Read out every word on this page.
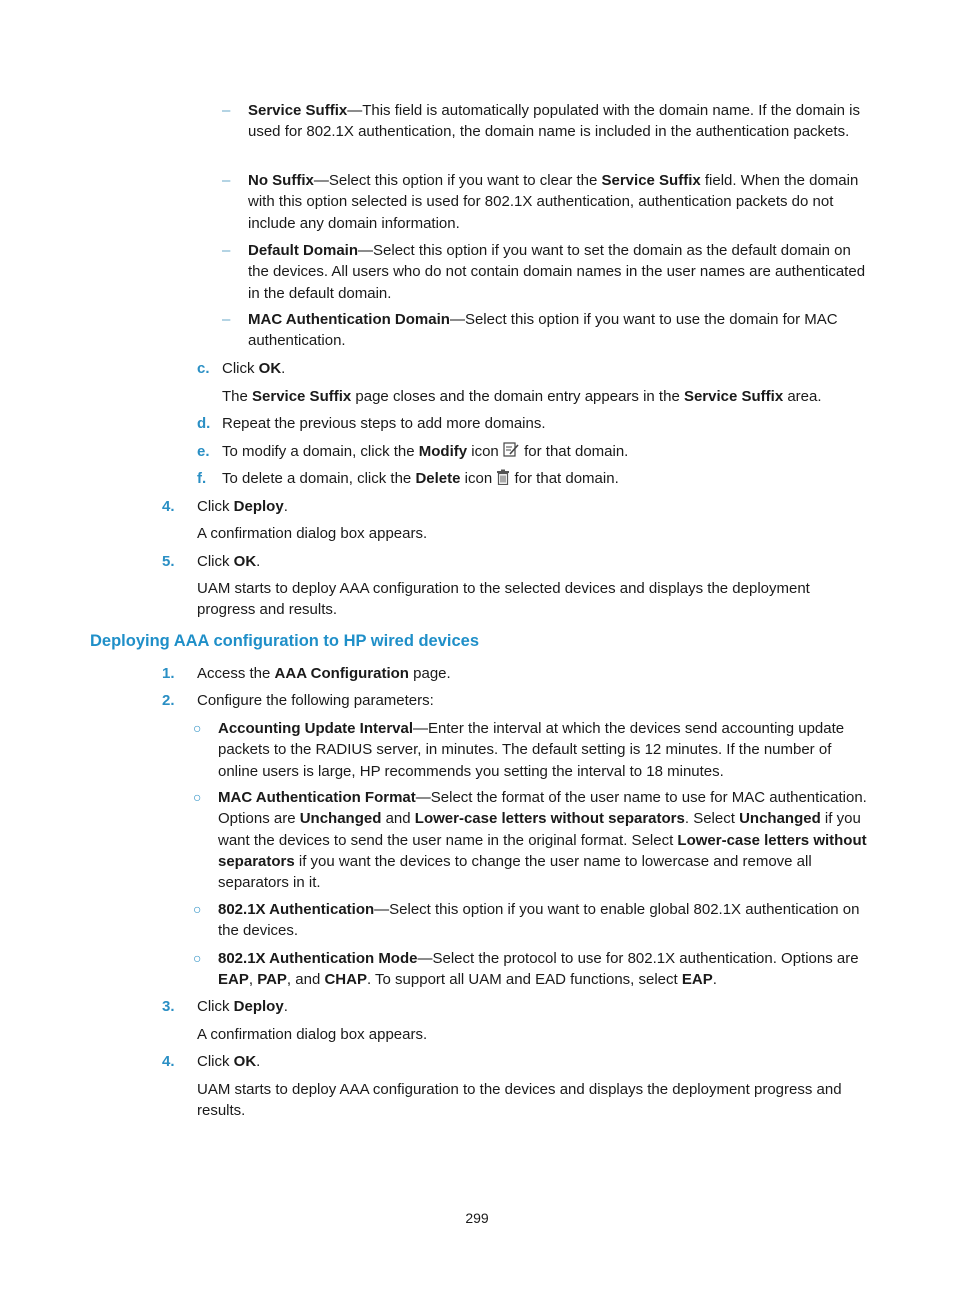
– Service Suffix—This field is automatically populated with the domain name. If the domain is used for 802.1X authentication, the domain name is included in the authentication packets.
– No Suffix—Select this option if you want to clear the Service Suffix field. When the domain with this option selected is used for 802.1X authentication, authentication packets do not include any domain information.
– Default Domain—Select this option if you want to set the domain as the default domain on the devices. All users who do not contain domain names in the user names are authenticated in the default domain.
– MAC Authentication Domain—Select this option if you want to use the domain for MAC authentication.
c. Click OK.
The Service Suffix page closes and the domain entry appears in the Service Suffix area.
d. Repeat the previous steps to add more domains.
e. To modify a domain, click the Modify icon  for that domain.
f. To delete a domain, click the Delete icon  for that domain.
4. Click Deploy.
A confirmation dialog box appears.
5. Click OK.
UAM starts to deploy AAA configuration to the selected devices and displays the deployment progress and results.
Deploying AAA configuration to HP wired devices
1. Access the AAA Configuration page.
2. Configure the following parameters:
○ Accounting Update Interval—Enter the interval at which the devices send accounting update packets to the RADIUS server, in minutes. The default setting is 12 minutes. If the number of online users is large, HP recommends you setting the interval to 18 minutes.
○ MAC Authentication Format—Select the format of the user name to use for MAC authentication. Options are Unchanged and Lower-case letters without separators. Select Unchanged if you want the devices to send the user name in the original format. Select Lower-case letters without separators if you want the devices to change the user name to lowercase and remove all separators in it.
○ 802.1X Authentication—Select this option if you want to enable global 802.1X authentication on the devices.
○ 802.1X Authentication Mode—Select the protocol to use for 802.1X authentication. Options are EAP, PAP, and CHAP. To support all UAM and EAD functions, select EAP.
3. Click Deploy.
A confirmation dialog box appears.
4. Click OK.
UAM starts to deploy AAA configuration to the devices and displays the deployment progress and results.
299
